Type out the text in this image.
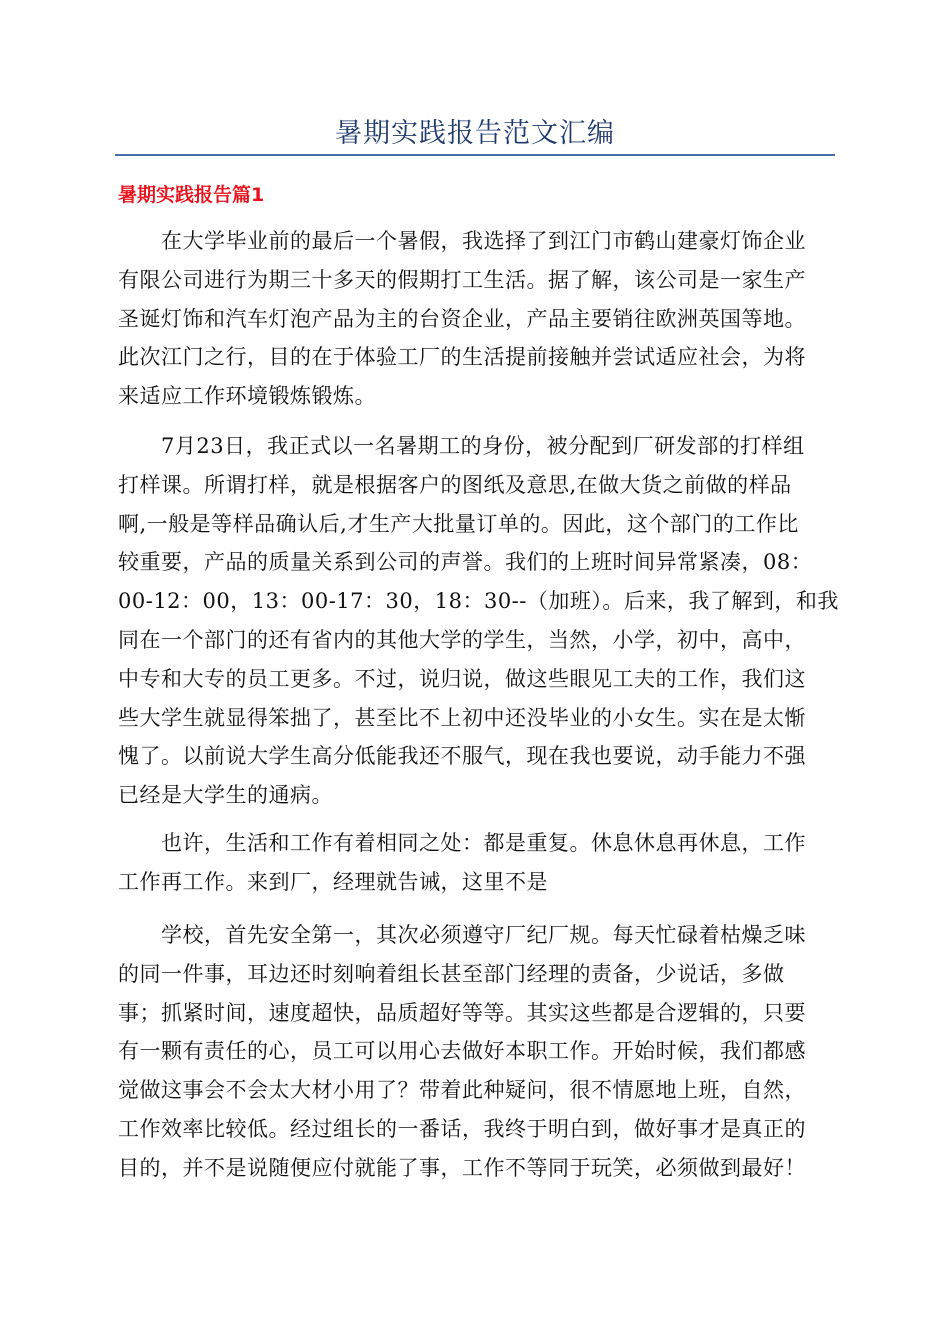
暑期实践报告范文汇编
暑期实践报告篇1

　　在大学毕业前的最后一个暑假，我选择了到江门市鹤山建豪灯饰企业
有限公司进行为期三十多天的假期打工生活。据了解，该公司是一家生产
圣诞灯饰和汽车灯泡产品为主的台资企业，产品主要销往欧洲英国等地。
此次江门之行，目的在于体验工厂的生活提前接触并尝试适应社会，为将
来适应工作环境锻炼锻炼。

　　7月23日，我正式以一名暑期工的身份，被分配到厂研发部的打样组
打样课。所谓打样，就是根据客户的图纸及意思,在做大货之前做的样品
啊,一般是等样品确认后,才生产大批量订单的。因此，这个部门的工作比
较重要，产品的质量关系到公司的声誉。我们的上班时间异常紧凑，08：
00-12：00，13：00-17：30，18：30--（加班）。后来，我了解到，和我
同在一个部门的还有省内的其他大学的学生，当然，小学，初中，高中，
中专和大专的员工更多。不过，说归说，做这些眼见工夫的工作，我们这
些大学生就显得笨拙了，甚至比不上初中还没毕业的小女生。实在是太惭
愧了。以前说大学生高分低能我还不服气，现在我也要说，动手能力不强
已经是大学生的通病。

　　也许，生活和工作有着相同之处：都是重复。休息休息再休息，工作
工作再工作。来到厂，经理就告诫，这里不是

　　学校，首先安全第一，其次必须遵守厂纪厂规。每天忙碌着枯燥乏味
的同一件事，耳边还时刻响着组长甚至部门经理的责备，少说话，多做
事；抓紧时间，速度超快，品质超好等等。其实这些都是合逻辑的，只要
有一颗有责任的心，员工可以用心去做好本职工作。开始时候，我们都感
觉做这事会不会太大材小用了？带着此种疑问，很不情愿地上班，自然，
工作效率比较低。经过组长的一番话，我终于明白到，做好事才是真正的
目的，并不是说随便应付就能了事，工作不等同于玩笑，必须做到最好！
